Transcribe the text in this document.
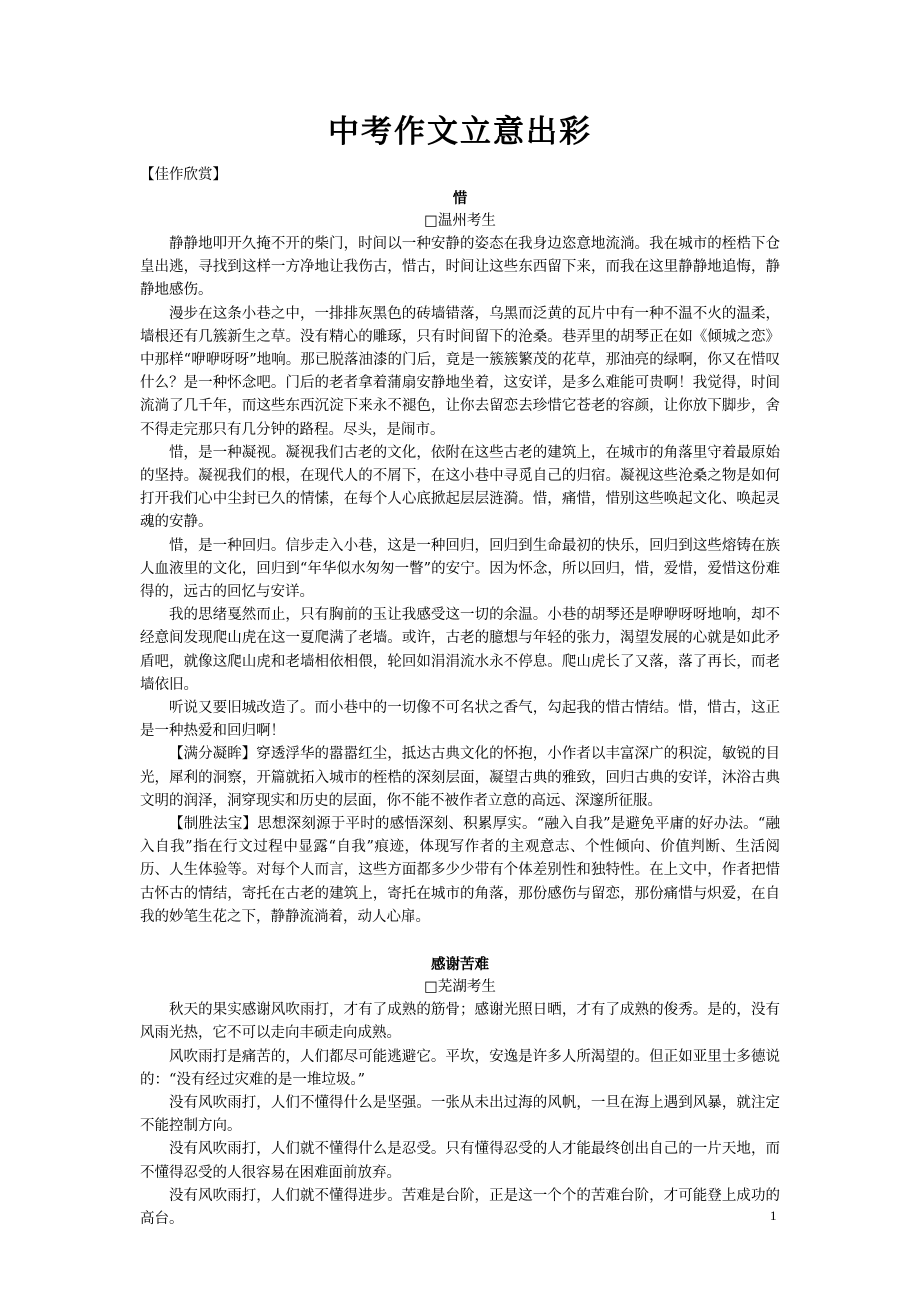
中考作文立意出彩

【佳作欣赏】

惜

□温州考生

静静地叩开久掩不开的柴门，时间以一种安静的姿态在我身边恣意地流淌。我在城市的桎梏下仓皇出逃，寻找到这样一方净地让我伤古，惜古，时间让这些东西留下来，而我在这里静静地追悔，静静地感伤。

漫步在这条小巷之中，一排排灰黑色的砖墙错落，乌黑而泛黄的瓦片中有一种不温不火的温柔，墙根还有几簇新生之草。没有精心的雕琢，只有时间留下的沧桑。巷弄里的胡琴正在如《倾城之恋》中那样“咿咿呀呀”地响。那已脱落油漆的门后，竟是一簇簇繁茂的花草，那油亮的绿啊，你又在惜叹什么？是一种怀念吧。门后的老者拿着蒲扇安静地坐着，这安详，是多么难能可贵啊！我觉得，时间流淌了几千年，而这些东西沉淀下来永不褪色，让你去留恋去珍惜它苍老的容颜，让你放下脚步，舍不得走完那只有几分钟的路程。尽头，是闹市。

惜，是一种凝视。凝视我们古老的文化，依附在这些古老的建筑上，在城市的角落里守着最原始的坚持。凝视我们的根，在现代人的不屑下，在这小巷中寻觅自己的归宿。凝视这些沧桑之物是如何打开我们心中尘封已久的情愫，在每个人心底掀起层层涟漪。惜，痛惜，惜别这些唤起文化、唤起灵魂的安静。

惜，是一种回归。信步走入小巷，这是一种回归，回归到生命最初的快乐，回归到这些熔铸在族人血液里的文化，回归到“年华似水匆匆一瞥”的安宁。因为怀念，所以回归，惜，爱惜，爱惜这份难得的，远古的回忆与安详。

我的思绪戛然而止，只有胸前的玉让我感受这一切的余温。小巷的胡琴还是咿咿呀呀地响，却不经意间发现爬山虎在这一夏爬满了老墙。或许，古老的臆想与年轻的张力，渴望发展的心就是如此矛盾吧，就像这爬山虎和老墙相依相偎，轮回如涓涓流水永不停息。爬山虎长了又落，落了再长，而老墙依旧。

听说又要旧城改造了。而小巷中的一切像不可名状之香气，勾起我的惜古情结。惜，惜古，这正是一种热爱和回归啊！

【满分凝眸】穿透浮华的嚣嚣红尘，抵达古典文化的怀抱，小作者以丰富深广的积淀，敏锐的目光，犀利的洞察，开篇就拓入城市的桎梏的深刻层面，凝望古典的雅致，回归古典的安详，沐浴古典文明的润泽，洞穿现实和历史的层面，你不能不被作者立意的高远、深邃所征服。

【制胜法宝】思想深刻源于平时的感悟深刻、积累厚实。“融入自我”是避免平庸的好办法。“融入自我”指在行文过程中显露“自我”痕迹，体现写作者的主观意志、个性倾向、价值判断、生活阅历、人生体验等。对每个人而言，这些方面都多少少带有个体差别性和独特性。在上文中，作者把惜古怀古的情结，寄托在古老的建筑上，寄托在城市的角落，那份感伤与留恋，那份痛惜与炽爱，在自我的妙笔生花之下，静静流淌着，动人心扉。

感谢苦难

□芜湖考生

秋天的果实感谢风吹雨打，才有了成熟的筋骨；感谢光照日晒，才有了成熟的俊秀。是的，没有风雨光热，它不可以走向丰硕走向成熟。

风吹雨打是痛苦的，人们都尽可能逃避它。平坎，安逸是许多人所渴望的。但正如亚里士多德说的：“没有经过灾难的是一堆垃圾。”

没有风吹雨打，人们不懂得什么是坚强。一张从未出过海的风帆，一旦在海上遇到风暴，就注定不能控制方向。

没有风吹雨打，人们就不懂得什么是忍受。只有懂得忍受的人才能最终创出自己的一片天地，而不懂得忍受的人很容易在困难面前放弃。

没有风吹雨打，人们就不懂得进步。苦难是台阶，正是这一个个的苦难台阶，才可能登上成功的高台。	1
